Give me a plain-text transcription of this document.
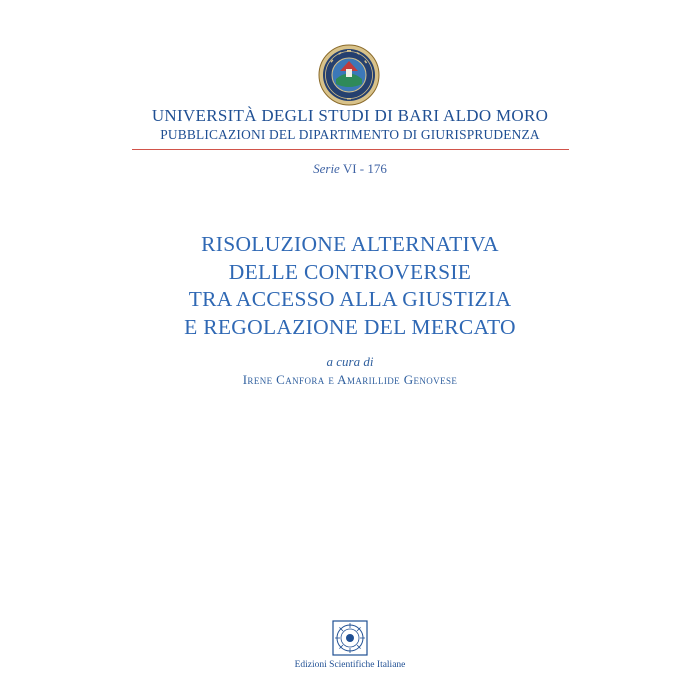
UNIVERSITÀ DEGLI STUDI DI BARI ALDO MORO
PUBBLICAZIONI DEL DIPARTIMENTO DI GIURISPRUDENZA
Serie VI - 176
RISOLUZIONE ALTERNATIVA
DELLE CONTROVERSIE
TRA ACCESSO ALLA GIUSTIZIA
E REGOLAZIONE DEL MERCATO
a cura di
Irene Canfora e Amarillide Genovese
Edizioni Scientifiche Italiane
